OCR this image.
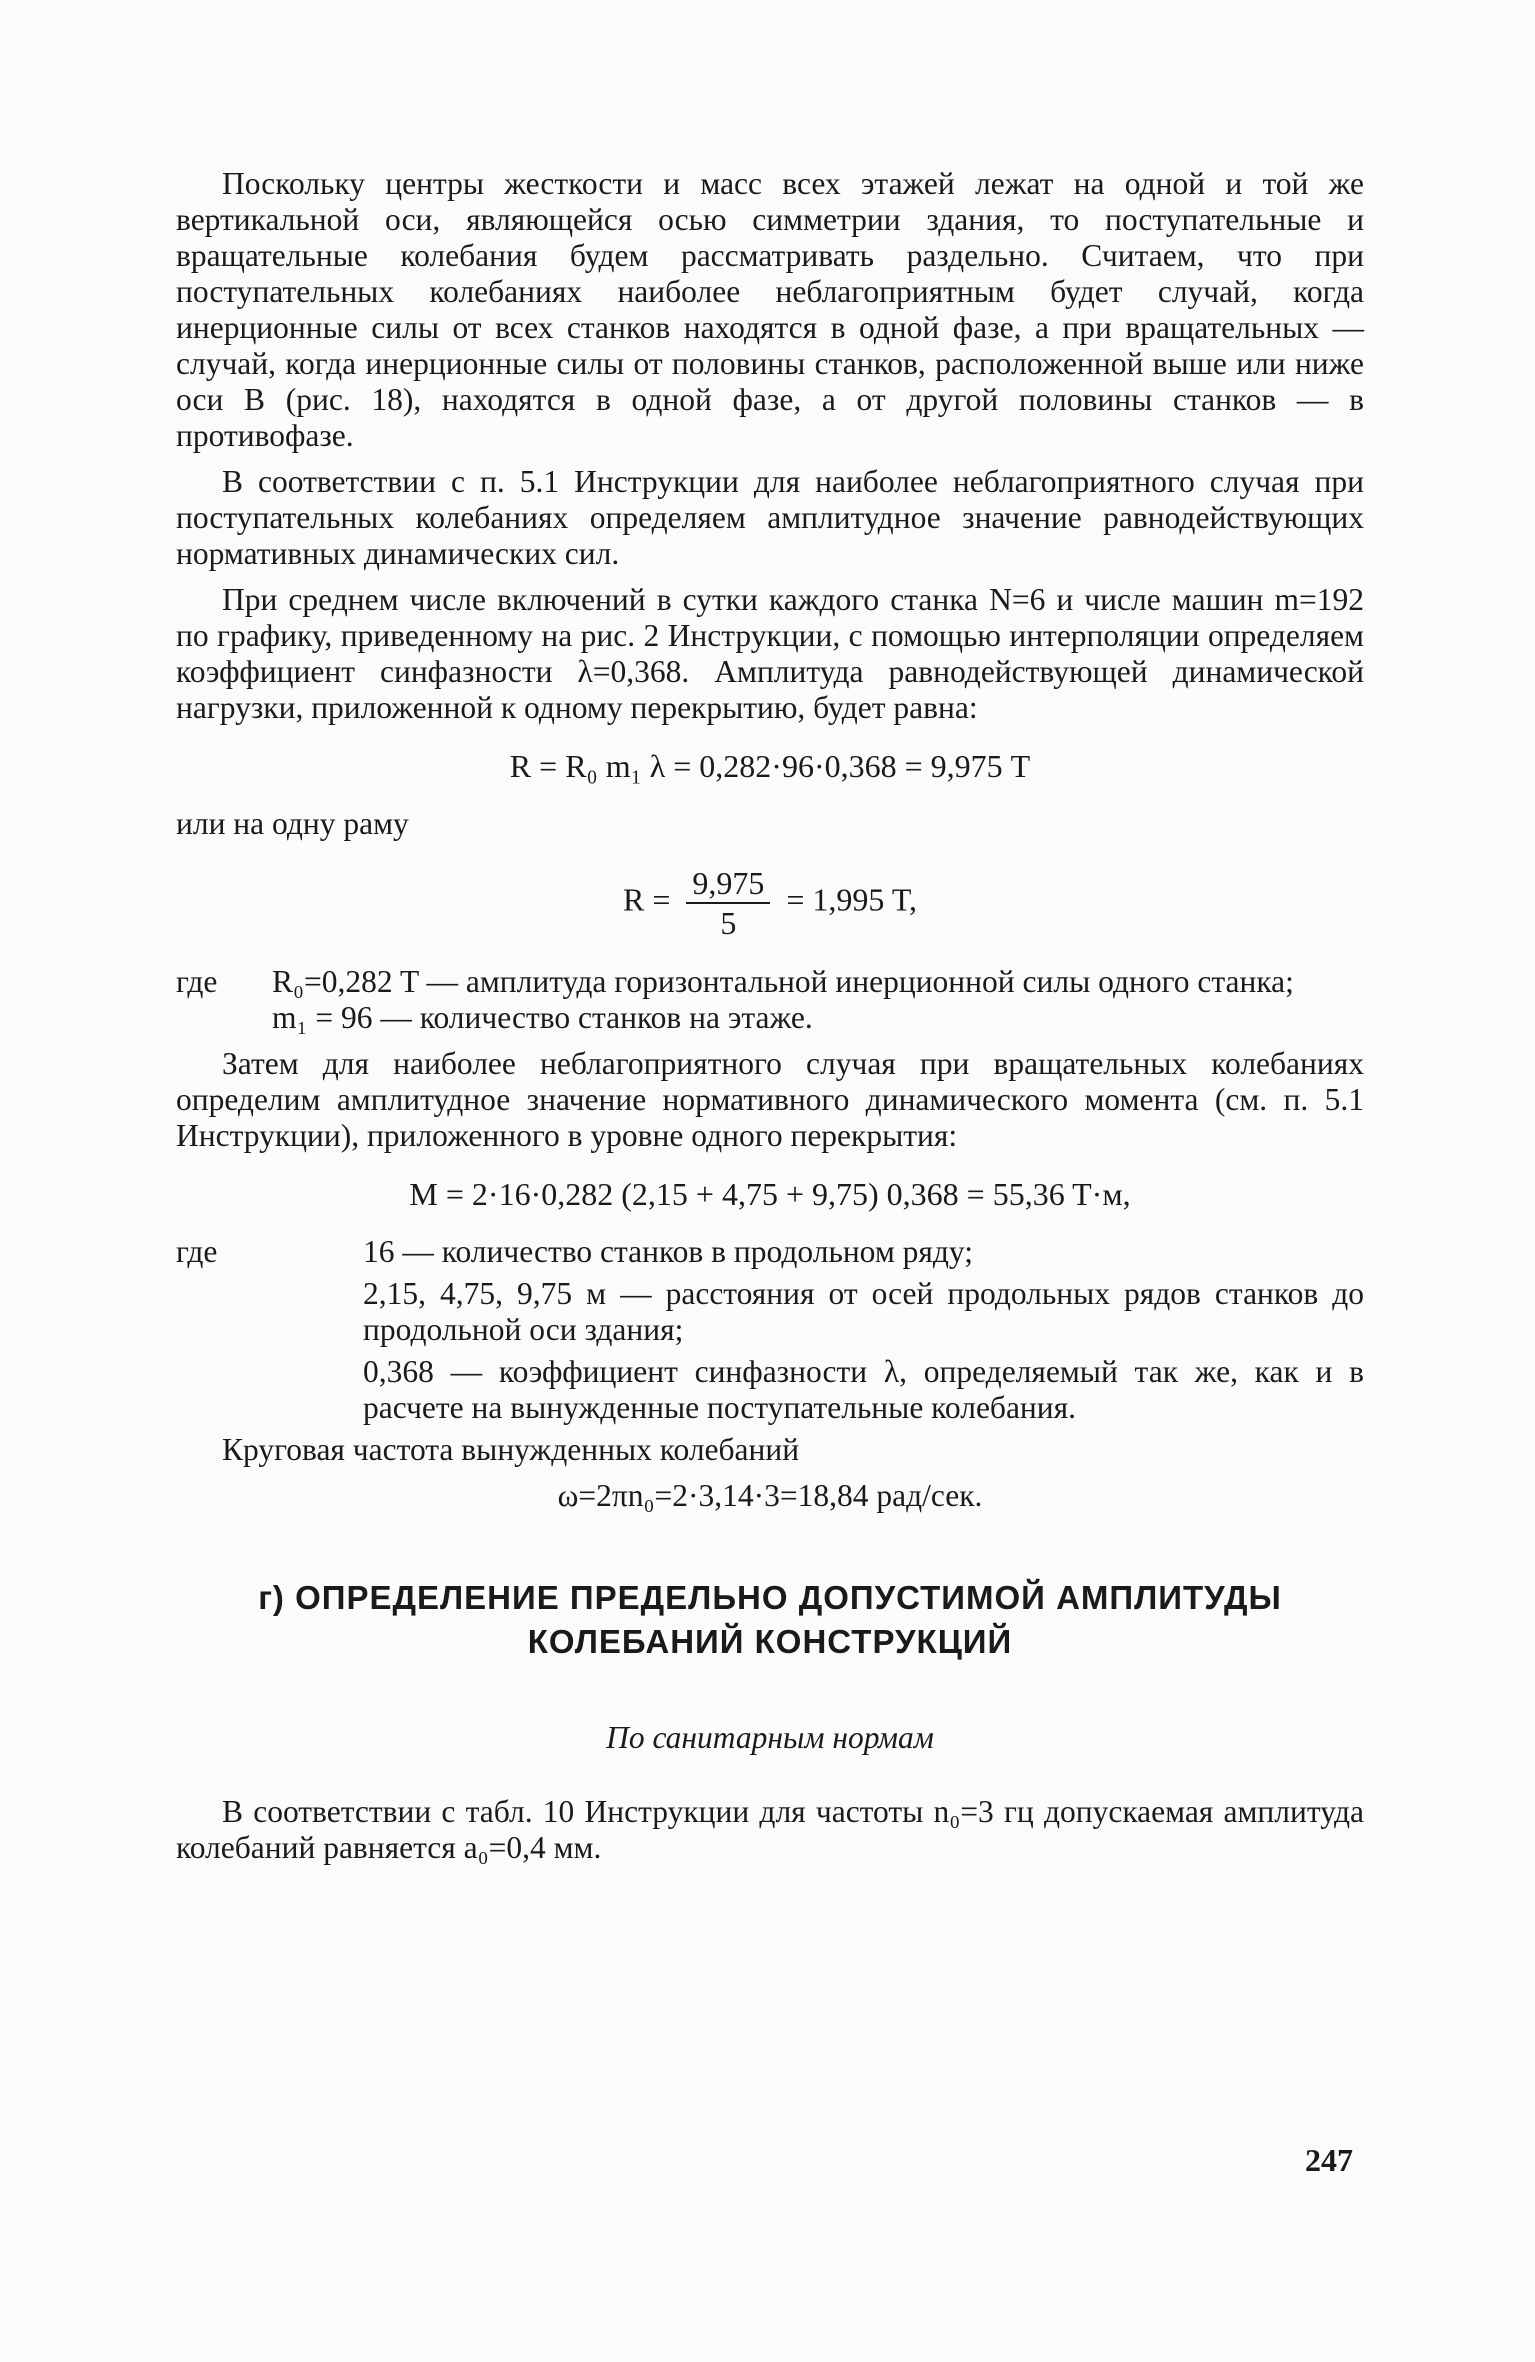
Поскольку центры жесткости и масс всех этажей лежат на одной и той же вертикальной оси, являющейся осью симметрии здания, то поступательные и вращательные колебания будем рассматривать раздельно. Считаем, что при поступательных колебаниях наиболее неблагоприятным будет случай, когда инерционные силы от всех станков находятся в одной фазе, а при вращательных — случай, когда инерционные силы от половины станков, расположенной выше или ниже оси B (рис. 18), находятся в одной фазе, а от другой половины станков — в противофазе.

В соответствии с п. 5.1 Инструкции для наиболее неблагоприятного случая при поступательных колебаниях определяем амплитудное значение равнодействующих нормативных динамических сил.

При среднем числе включений в сутки каждого станка N=6 и числе машин m=192 по графику, приведенному на рис. 2 Инструкции, с помощью интерполяции определяем коэффициент синфазности λ=0,368. Амплитуда равнодействующей динамической нагрузки, приложенной к одному перекрытию, будет равна:

R = R₀ m₁ λ = 0,282·96·0,368 = 9,975 T

или на одну раму

$R = \frac{9,975}{5} = 1,995$ T,
где	R₀=0,282 T — амплитуда горизонтальной инерционной силы одного станка;
m₁ = 96 — количество станков на этаже.

Затем для наиболее неблагоприятного случая при вращательных колебаниях определим амплитудное значение нормативного динамического момента (см. п. 5.1 Инструкции), приложенного в уровне одного перекрытия:

M = 2·16·0,282 (2,15 + 4,75 + 9,75) 0,368 = 55,36 T·м,
где	16 — количество станков в продольном ряду;
2,15, 4,75, 9,75 м — расстояния от осей продольных рядов станков до продольной оси здания;
0,368 — коэффициент синфазности λ, определяемый так же, как и в расчете на вынужденные поступательные колебания.

Круговая частота вынужденных колебаний

ω=2πn₀=2·3,14·3=18,84 рад/сек.
г) ОПРЕДЕЛЕНИЕ ПРЕДЕЛЬНО ДОПУСТИМОЙ АМПЛИТУДЫ КОЛЕБАНИЙ КОНСТРУКЦИЙ
По санитарным нормам

В соответствии с табл. 10 Инструкции для частоты n₀=3 гц допускаемая амплитуда колебаний равняется a₀=0,4 мм.

247
